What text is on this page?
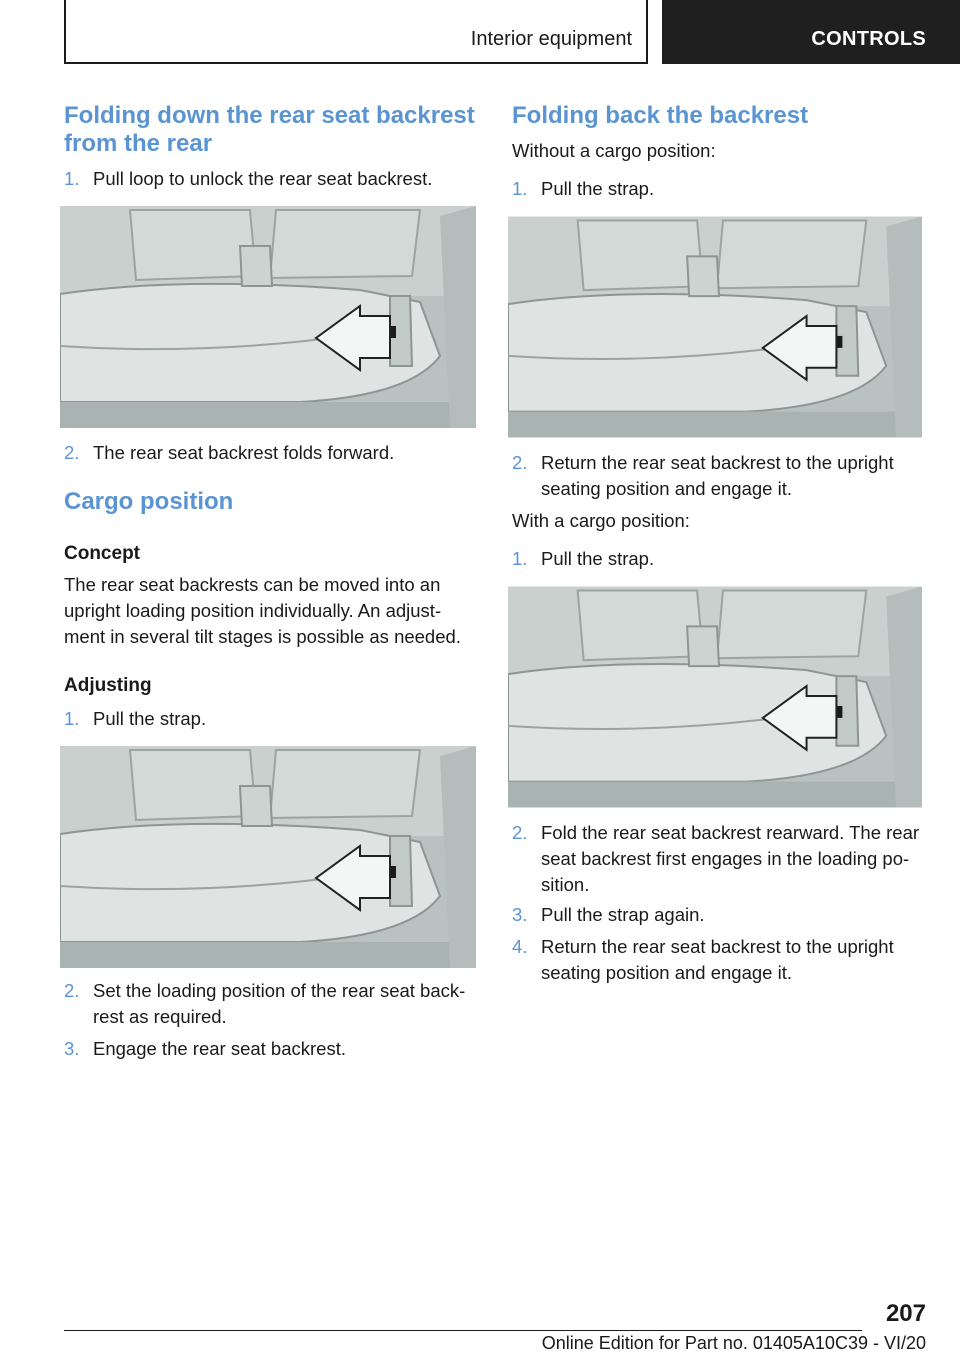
Interior equipment	CONTROLS
Folding down the rear seat backrest from the rear
1. Pull loop to unlock the rear seat backrest.
2. The rear seat backrest folds forward.
Cargo position
Concept

The rear seat backrests can be moved into an upright loading position individually. An adjustment in several tilt stages is possible as needed.

Adjusting
1. Pull the strap.
2. Set the loading position of the rear seat backrest as required.
3. Engage the rear seat backrest.
Folding back the backrest

Without a cargo position:

1. Pull the strap.
2. Return the rear seat backrest to the upright seating position and engage it.

With a cargo position:

1. Pull the strap.
2. Fold the rear seat backrest rearward. The rear seat backrest first engages in the loading position.
3. Pull the strap again.
4. Return the rear seat backrest to the upright seating position and engage it.
207
Online Edition for Part no. 01405A10C39 - VI/20
